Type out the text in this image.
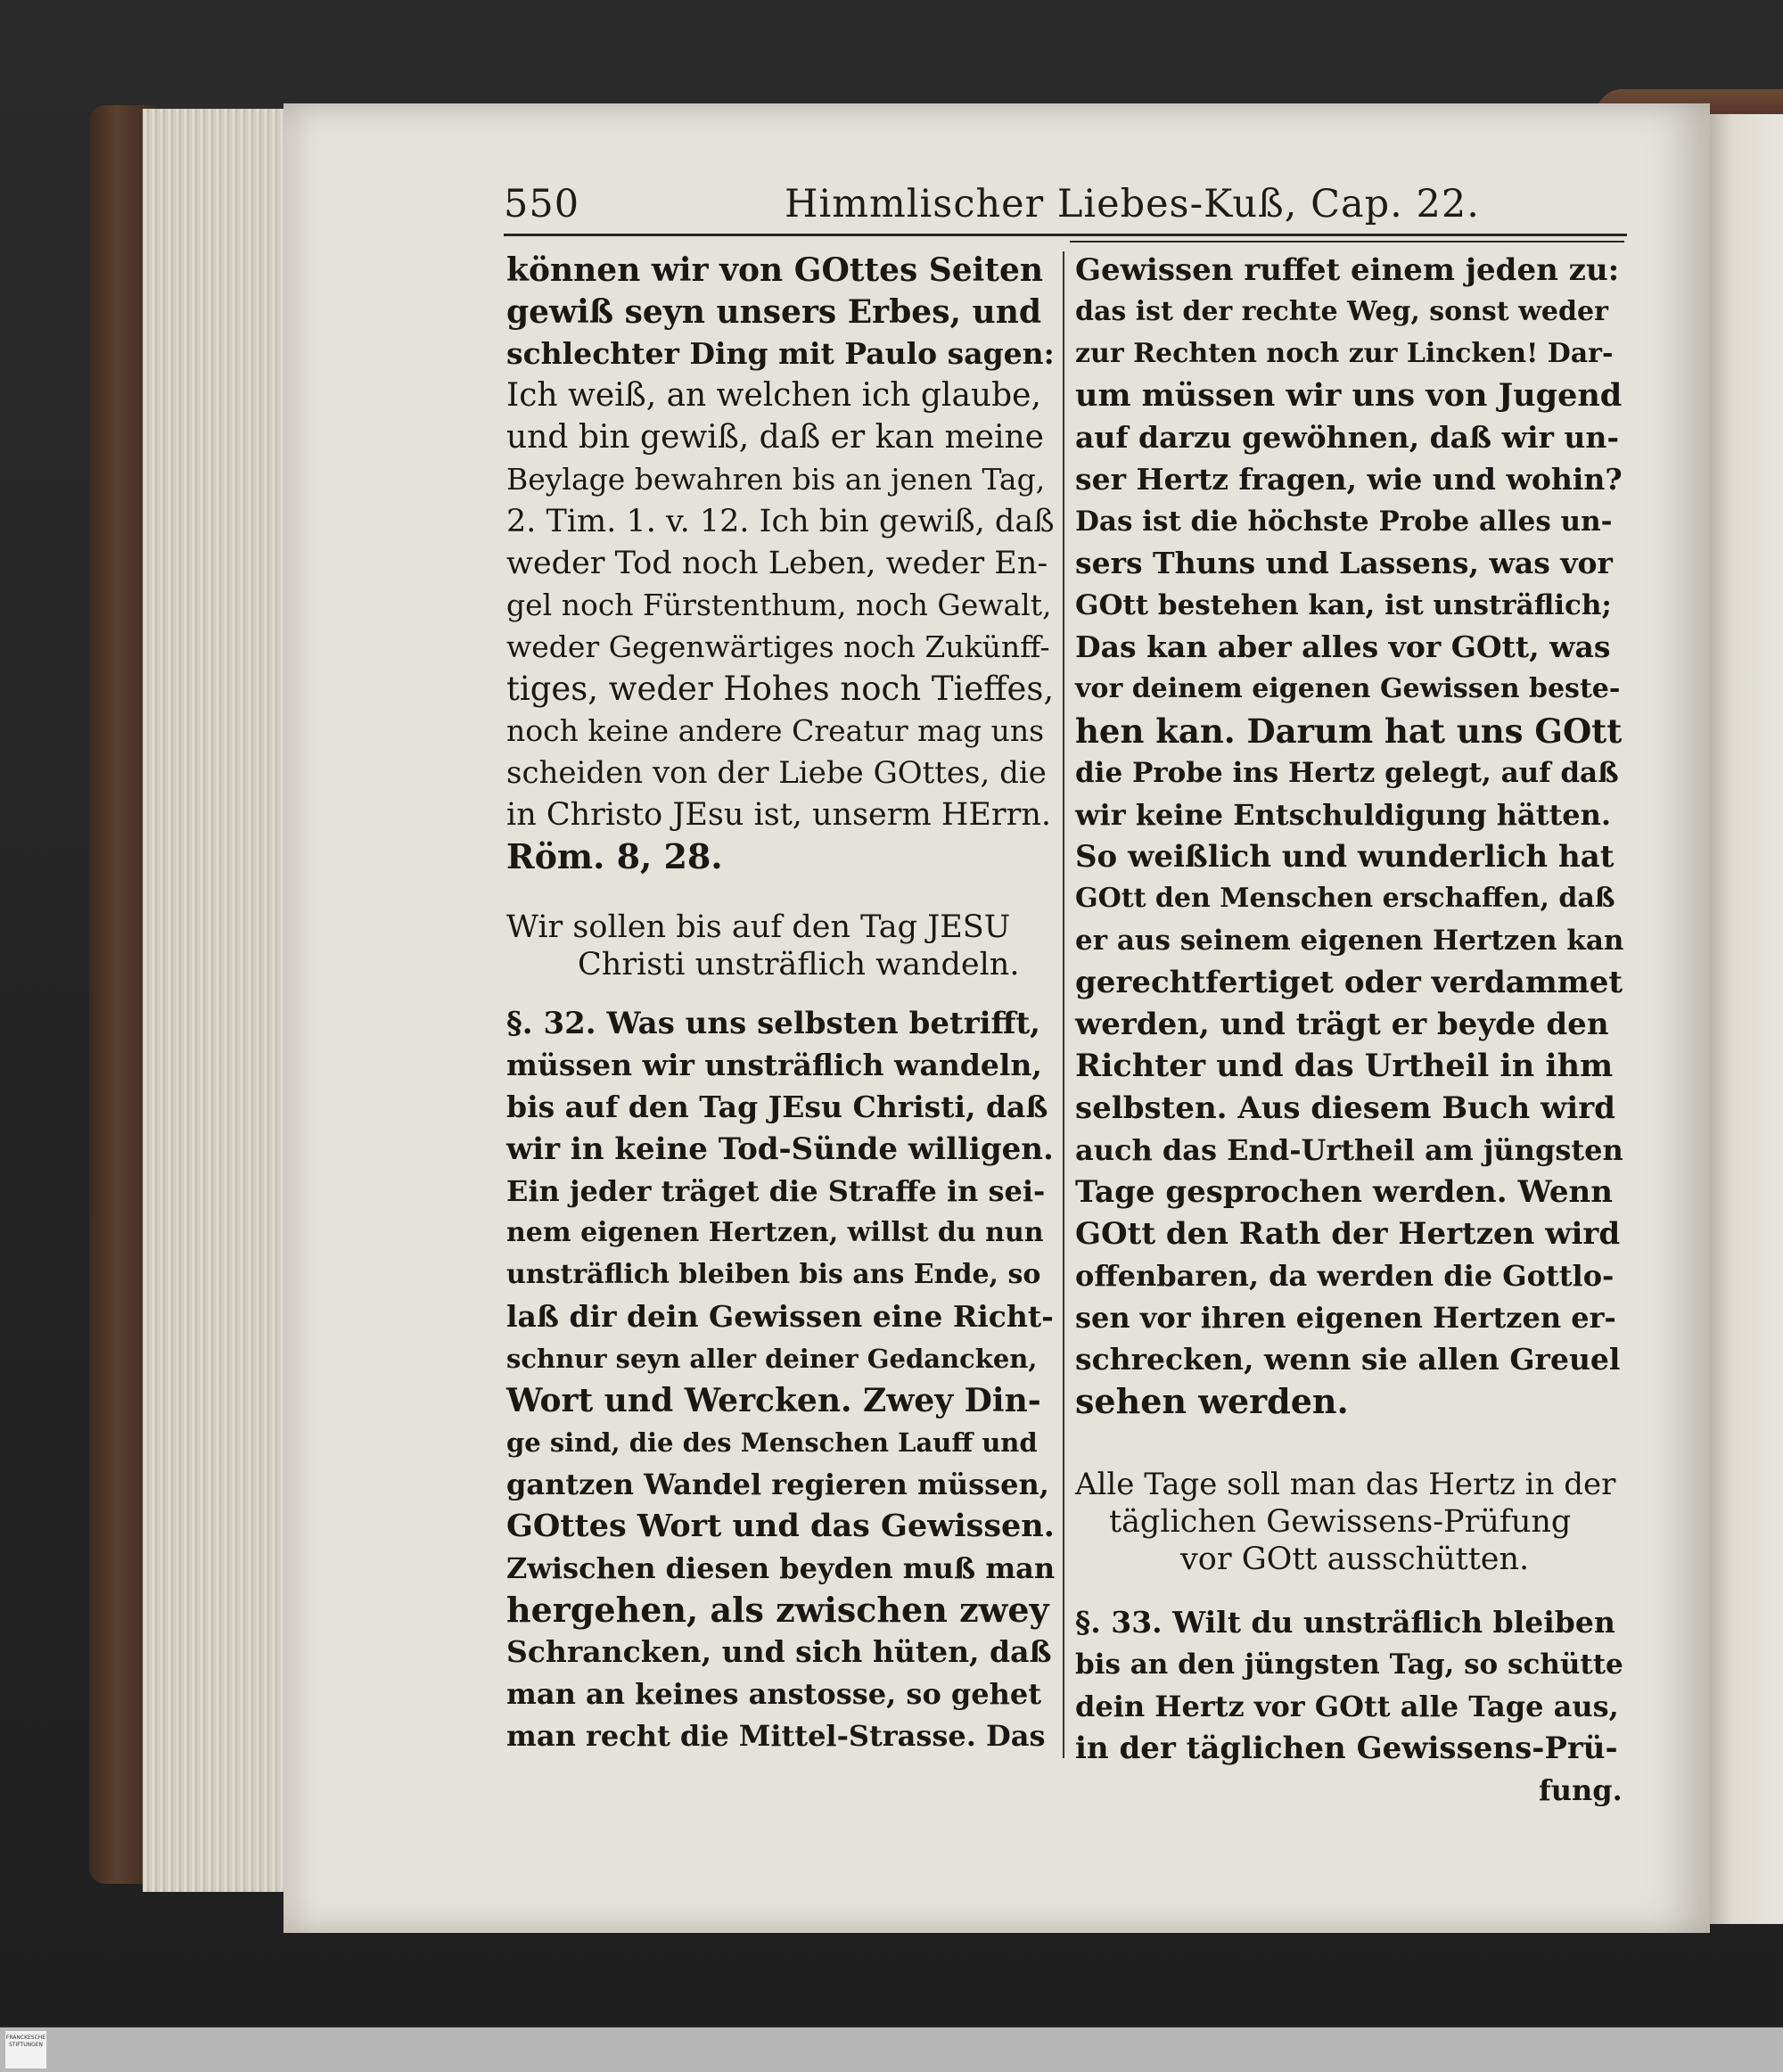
550	Himmlischer Liebes-Kuß, Cap. 22.
können wir von GOttes Seiten
gewiß seyn unsers Erbes, und
schlechter Ding mit Paulo sagen:
Ich weiß, an welchen ich glaube,
und bin gewiß, daß er kan meine
Beylage bewahren bis an jenen Tag,
2. Tim. 1. v. 12. Ich bin gewiß, daß
weder Tod noch Leben, weder En-
gel noch Fürstenthum, noch Gewalt,
weder Gegenwärtiges noch Zukünff-
tiges, weder Hohes noch Tieffes,
noch keine andere Creatur mag uns
scheiden von der Liebe GOttes, die
in Christo JEsu ist, unserm HErrn.
Röm. 8, 28.
Wir sollen bis auf den Tag JESU
Christi unsträflich wandeln.
§. 32. Was uns selbsten betrifft,
müssen wir unsträflich wandeln,
bis auf den Tag JEsu Christi, daß
wir in keine Tod-Sünde willigen.
Ein jeder träget die Straffe in sei-
nem eigenen Hertzen, willst du nun
unsträflich bleiben bis ans Ende, so
laß dir dein Gewissen eine Richt-
schnur seyn aller deiner Gedancken,
Wort und Wercken. Zwey Din-
ge sind, die des Menschen Lauff und
gantzen Wandel regieren müssen,
GOttes Wort und das Gewissen.
Zwischen diesen beyden muß man
hergehen, als zwischen zwey
Schrancken, und sich hüten, daß
man an keines anstosse, so gehet
man recht die Mittel-Strasse. Das
Gewissen ruffet einem jeden zu:
das ist der rechte Weg, sonst weder
zur Rechten noch zur Lincken! Dar-
um müssen wir uns von Jugend
auf darzu gewöhnen, daß wir un-
ser Hertz fragen, wie und wohin?
Das ist die höchste Probe alles un-
sers Thuns und Lassens, was vor
GOtt bestehen kan, ist unsträflich;
Das kan aber alles vor GOtt, was
vor deinem eigenen Gewissen beste-
hen kan. Darum hat uns GOtt
die Probe ins Hertz gelegt, auf daß
wir keine Entschuldigung hätten.
So weißlich und wunderlich hat
GOtt den Menschen erschaffen, daß
er aus seinem eigenen Hertzen kan
gerechtfertiget oder verdammet
werden, und trägt er beyde den
Richter und das Urtheil in ihm
selbsten. Aus diesem Buch wird
auch das End-Urtheil am jüngsten
Tage gesprochen werden. Wenn
GOtt den Rath der Hertzen wird
offenbaren, da werden die Gottlo-
sen vor ihren eigenen Hertzen er-
schrecken, wenn sie allen Greuel
sehen werden.
Alle Tage soll man das Hertz in der
täglichen Gewissens-Prüfung
vor GOtt ausschütten.
§. 33. Wilt du unsträflich bleiben
bis an den jüngsten Tag, so schütte
dein Hertz vor GOtt alle Tage aus,
in der täglichen Gewissens-Prü-
fung.
FRANCKESCHE STIFTUNGEN
